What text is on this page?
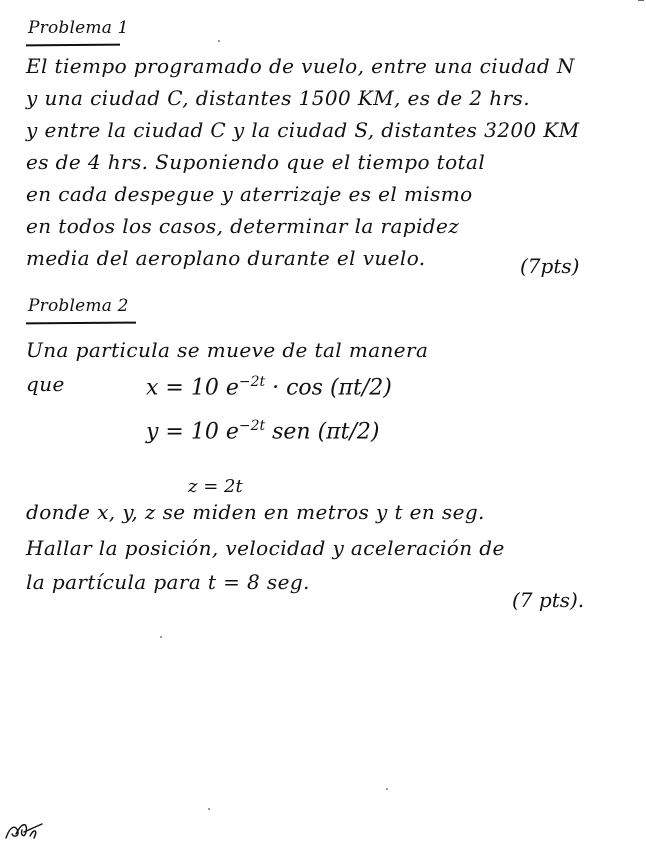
Problema 1
El tiempo programado de vuelo, entre una ciudad N
y una ciudad C, distantes 1500 KM, es de 2 hrs.
y entre la ciudad C y la ciudad S, distantes 3200 KM
es de 4 hrs. Suponiendo que el tiempo total
en cada despegue y aterrizaje es el mismo
en todos los casos, determinar la rapidez
media del aeroplano durante el vuelo.	(7pts)
Problema 2
Una particula se mueve de tal manera
que	x = 10 $e^{-2t} \cdot \cos (\pi t/2)$
y = 10 $e^{-2t}$ sen (πt/2)
z = 2t
donde x, y, z se miden en metros y t en seg.
Hallar la posición, velocidad y aceleración de
la partícula para t = 8 seg.
(7 pts).
